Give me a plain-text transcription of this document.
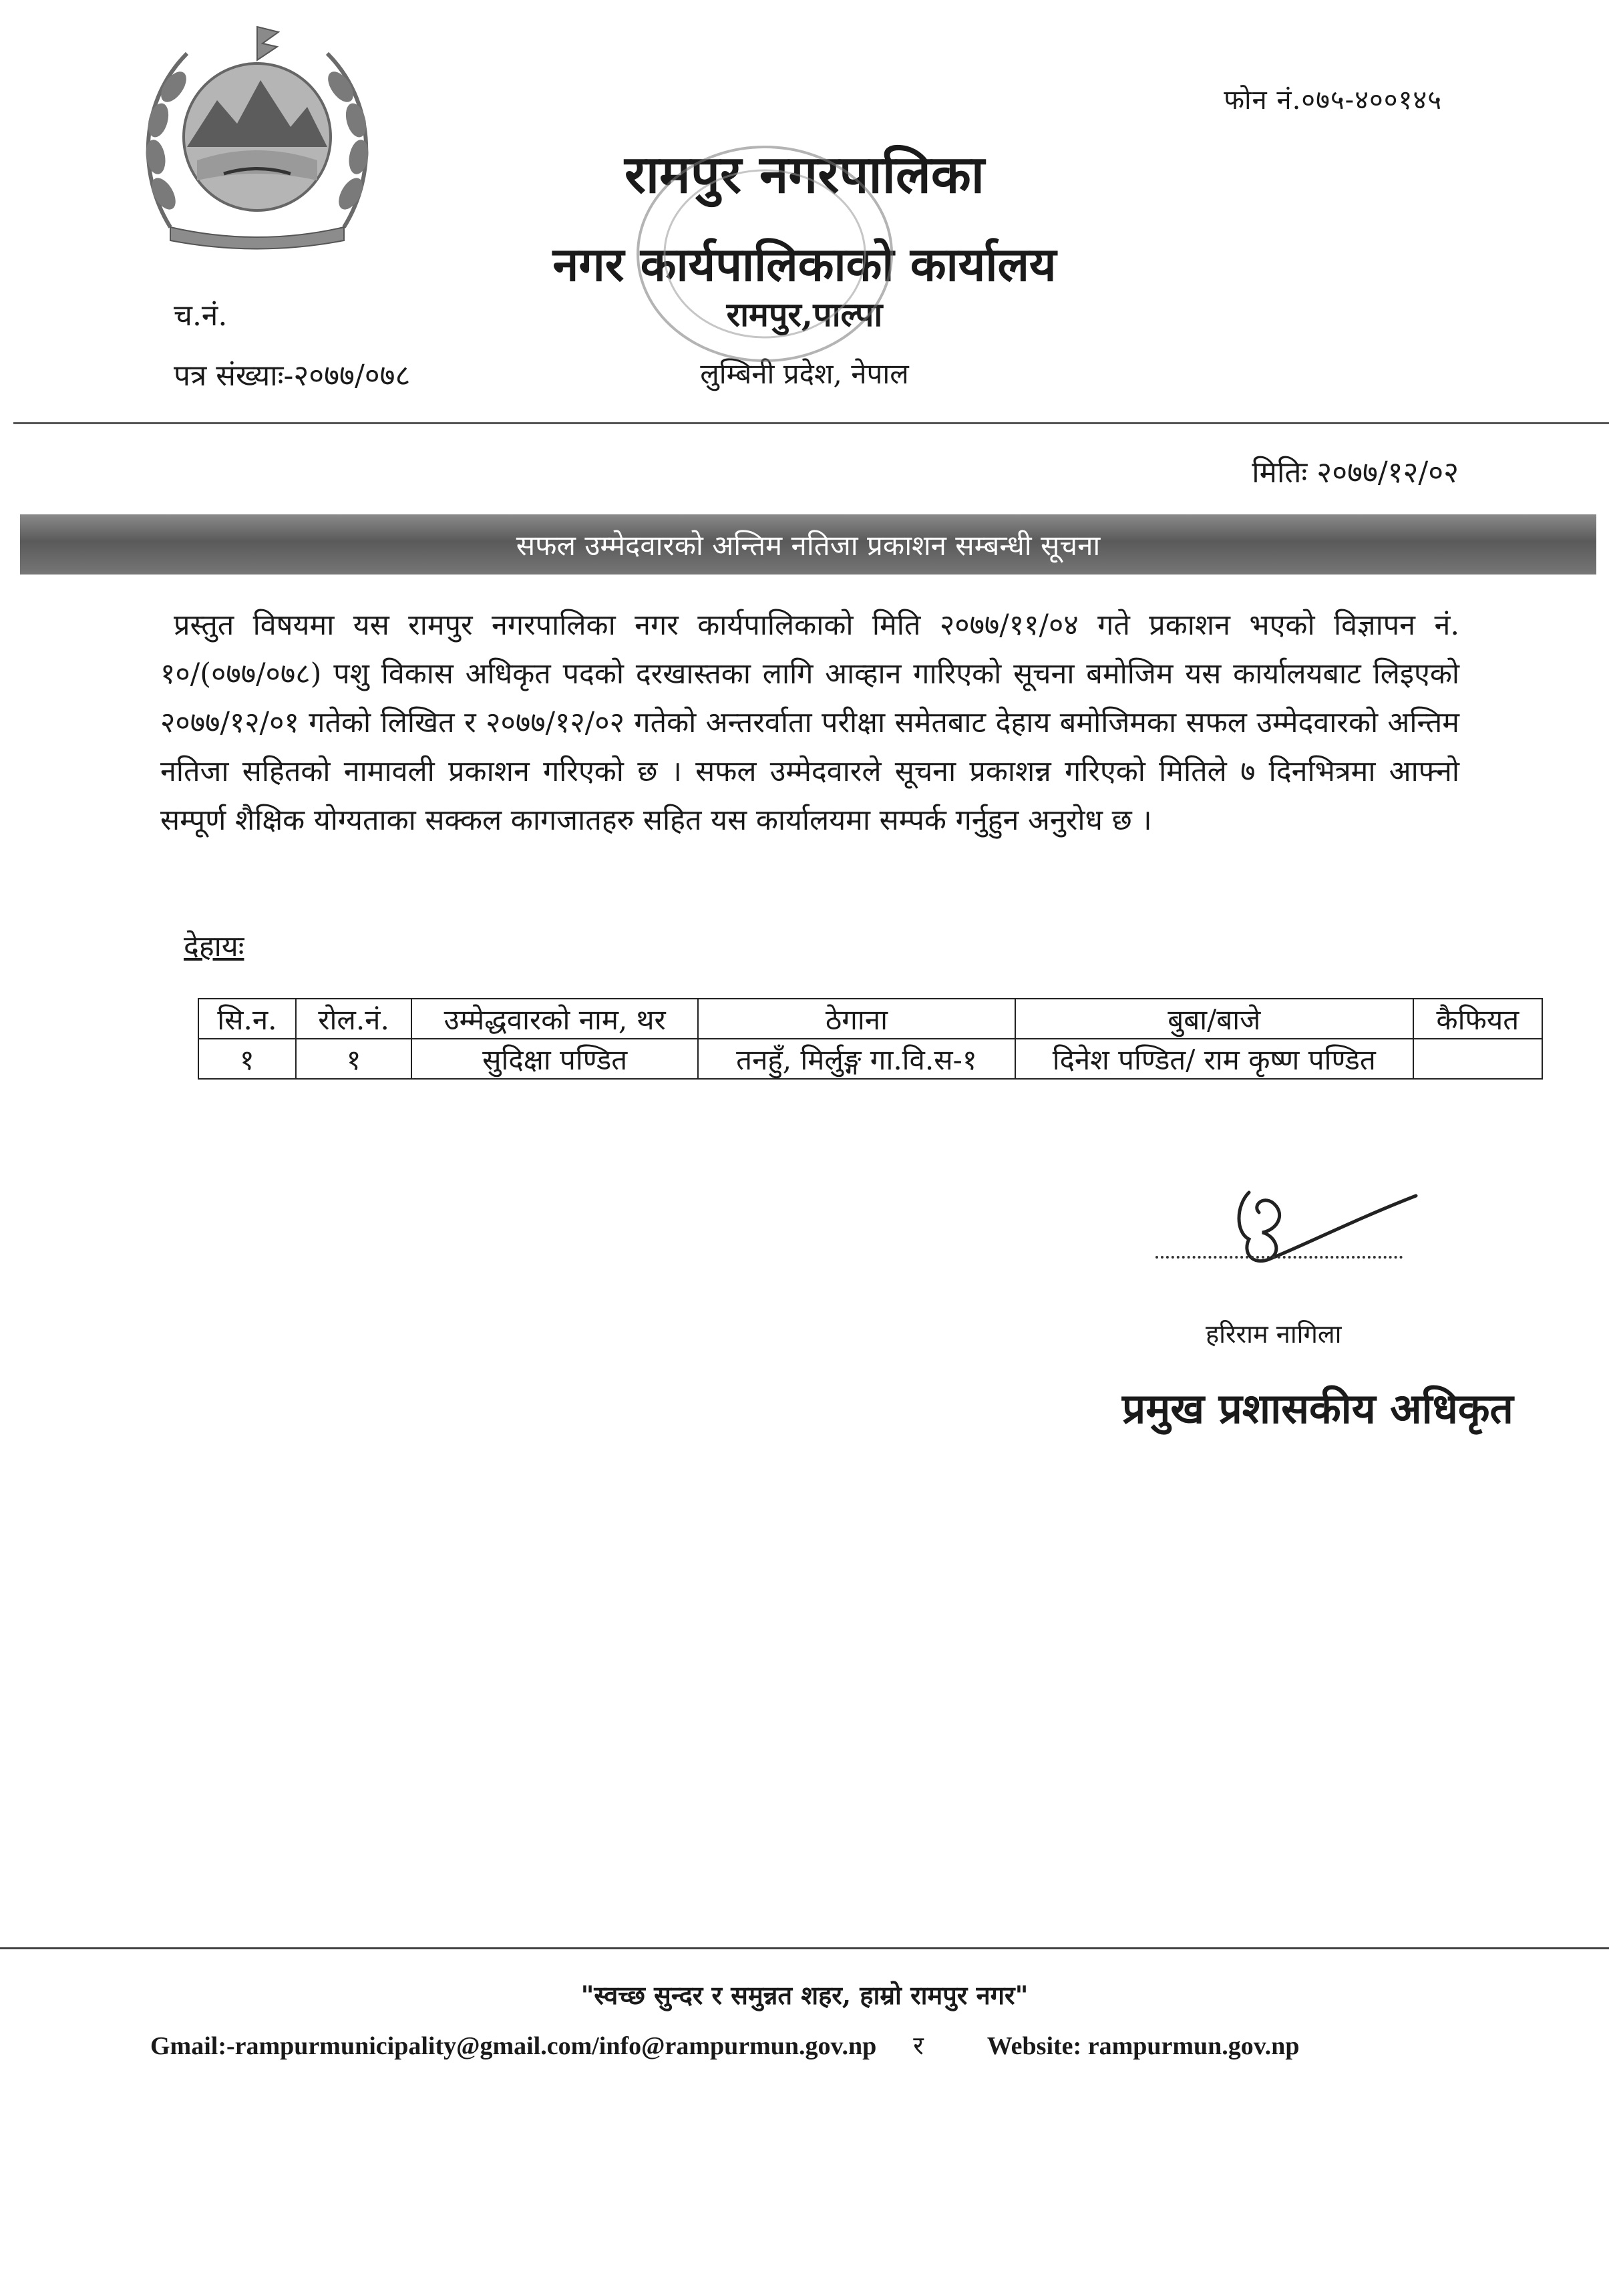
फोन नं.०७५-४००१४५
रामपुर नगरपालिका
नगर कार्यपालिकाको कार्यालय
रामपुर,पाल्पा
लुम्बिनी प्रदेश, नेपाल
च.नं.
पत्र संख्याः-२०७७/०७८
मितिः २०७७/१२/०२
सफल उम्मेदवारको अन्तिम नतिजा प्रकाशन सम्बन्धी सूचना
प्रस्तुत विषयमा यस रामपुर नगरपालिका नगर कार्यपालिकाको मिति २०७७/११/०४ गते प्रकाशन भएको विज्ञापन नं. १०/(०७७/०७८) पशु विकास अधिकृत पदको दरखास्तका लागि आव्हान गारिएको सूचना बमोजिम यस कार्यालयबाट लिइएको २०७७/१२/०१ गतेको लिखित र २०७७/१२/०२ गतेको अन्तरर्वाता परीक्षा समेतबाट देहाय बमोजिमका सफल उम्मेदवारको अन्तिम नतिजा सहितको नामावली प्रकाशन गरिएको छ । सफल उम्मेदवारले सूचना प्रकाशन्न गरिएको मितिले ७ दिनभित्रमा आफ्नो सम्पूर्ण शैक्षिक योग्यताका सक्कल कागजातहरु सहित यस कार्यालयमा सम्पर्क गर्नुहुन अनुरोध छ ।
देहायः
सि.न.	रोल.नं.	उम्मेद्धवारको नाम, थर	ठेगाना	बुबा/बाजे	कैफियत
१	१	सुदिक्षा पण्डित	तनहुँ, मिर्लुङ्ग गा.वि.स-१	दिनेश पण्डित/ राम कृष्ण पण्डित	
हरिराम नागिला
प्रमुख प्रशासकीय अधिकृत
"स्वच्छ सुन्दर र समुन्नत शहर, हाम्रो रामपुर नगर"
Gmail:-rampurmunicipality@gmail.com/info@rampurmun.gov.np र	Website: rampurmun.gov.np
